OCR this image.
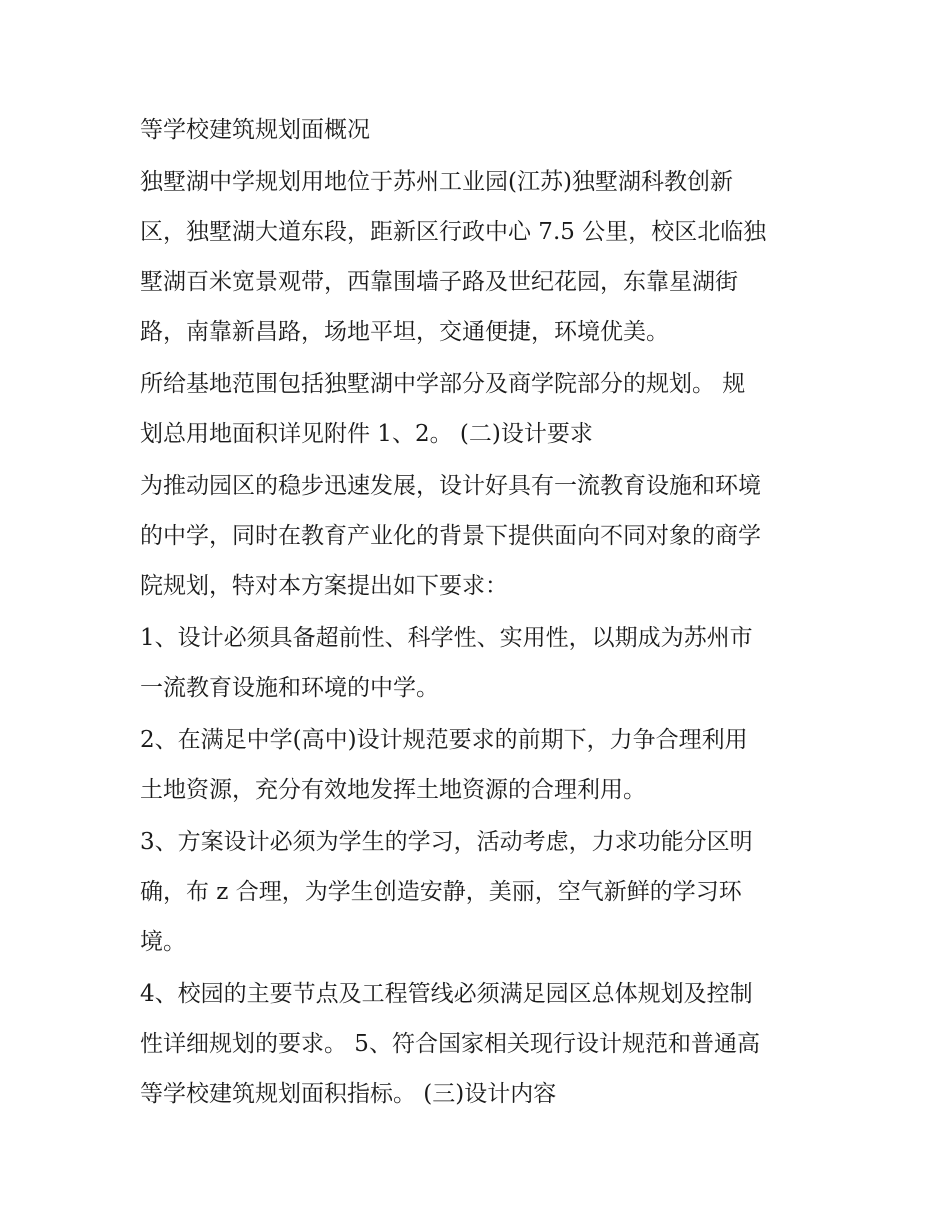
等学校建筑规划面概况

独墅湖中学规划用地位于苏州工业园(江苏)独墅湖科教创新

区，独墅湖大道东段，距新区行政中心 7.5 公里，校区北临独

墅湖百米宽景观带，西靠围墙子路及世纪花园，东靠星湖街

路，南靠新昌路，场地平坦，交通便捷，环境优美。

所给基地范围包括独墅湖中学部分及商学院部分的规划。 规

划总用地面积详见附件 1、2。 (二)设计要求

为推动园区的稳步迅速发展，设计好具有一流教育设施和环境

的中学，同时在教育产业化的背景下提供面向不同对象的商学

院规划，特对本方案提出如下要求：

1、设计必须具备超前性、科学性、实用性，以期成为苏州市

一流教育设施和环境的中学。

2、在满足中学(高中)设计规范要求的前期下，力争合理利用

土地资源，充分有效地发挥土地资源的合理利用。

3、方案设计必须为学生的学习，活动考虑，力求功能分区明

确，布 z 合理，为学生创造安静，美丽，空气新鲜的学习环

境。

4、校园的主要节点及工程管线必须满足园区总体规划及控制

性详细规划的要求。 5、符合国家相关现行设计规范和普通高

等学校建筑规划面积指标。 (三)设计内容
